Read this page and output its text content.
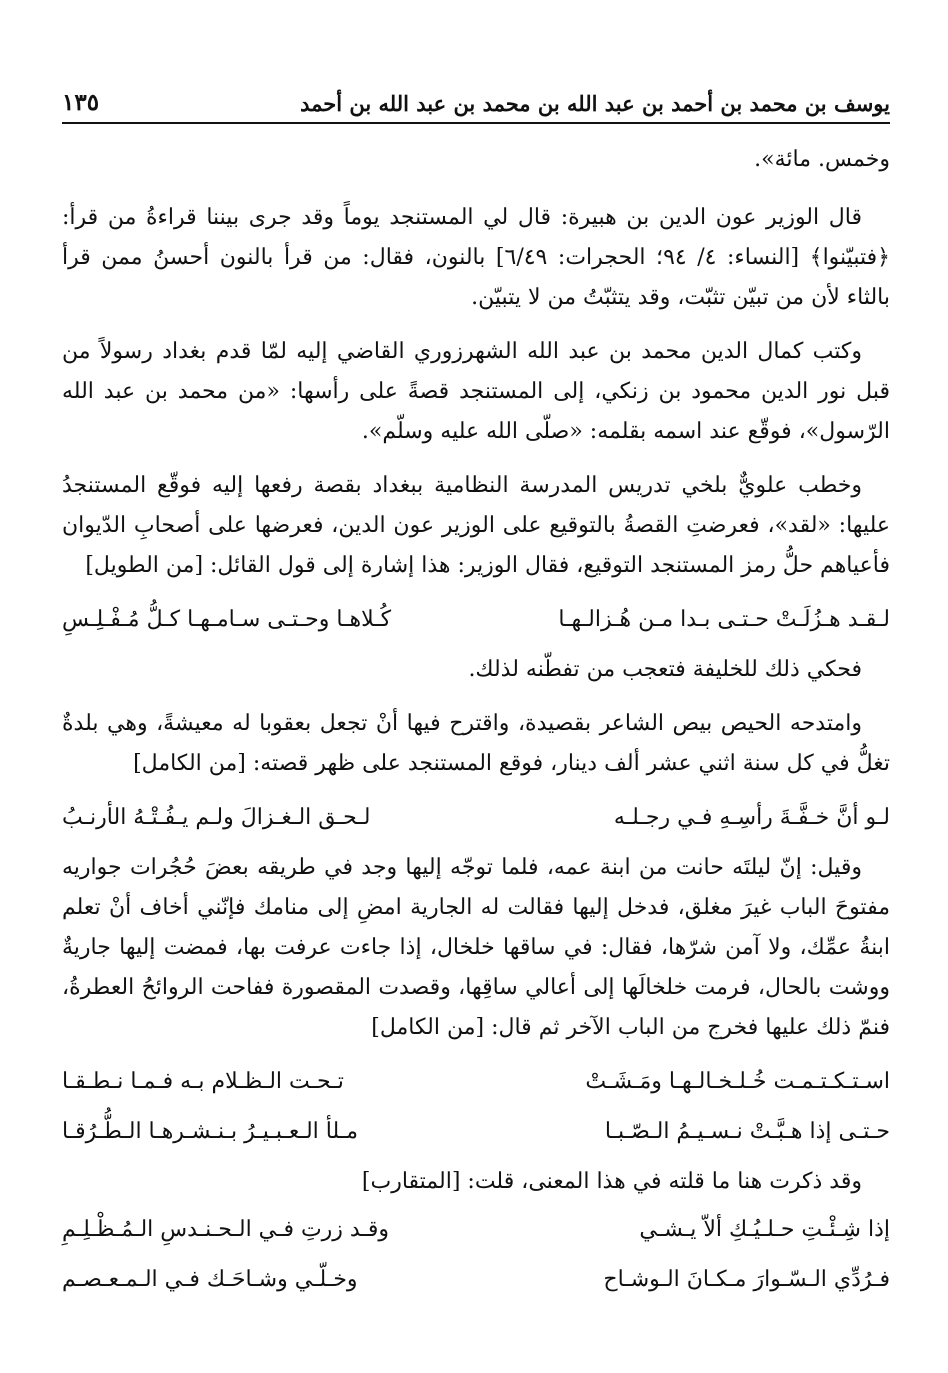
يوسف بن محمد بن أحمد بن عبد الله بن محمد بن عبد الله بن أحمد
١٣٥

وخمس. مائة».

قال الوزير عون الدين بن هبيرة: قال لي المستنجد يوماً وقد جرى بيننا قراءةُ من قرأ: ﴿فتبيّنوا﴾ [النساء: ٤/ ٩٤؛ الحجرات: ٦/٤٩] بالنون، فقال: من قرأ بالنون أحسنُ ممن قرأ بالثاء لأن من تبيّن تثبّت، وقد يتثبّتُ من لا يتبيّن.

وكتب كمال الدين محمد بن عبد الله الشهرزوري القاضي إليه لمّا قدم بغداد رسولاً من قبل نور الدين محمود بن زنكي، إلى المستنجد قصةً على رأسها: «من محمد بن عبد الله الرّسول»، فوقّع عند اسمه بقلمه: «صلّى الله عليه وسلّم».

وخطب علويٌّ بلخي تدريس المدرسة النظامية ببغداد بقصة رفعها إليه فوقّع المستنجدُ عليها: «لقد»، فعرضتِ القصةُ بالتوقيع على الوزير عون الدين، فعرضها على أصحابِ الدّيوان فأعياهم حلُّ رمز المستنجد التوقيع، فقال الوزير: هذا إشارة إلى قول القائل: [من الطويل]

لـقـد هـزُلَـتْ حـتـى بـدا مـن هُـزالـهـا
كُـلاهـا وحـتـى سـامـهـا كـلُّ مُـفْـلِـسِ

فحكي ذلك للخليفة فتعجب من تفطّنه لذلك.

وامتدحه الحيص بيص الشاعر بقصيدة، واقترح فيها أنْ تجعل بعقوبا له معيشةً، وهي بلدةٌ تغلُّ في كل سنة اثني عشر ألف دينار، فوقع المستنجد على ظهر قصته: [من الكامل]

لـو أنَّ خـفَّـةَ رأسِـهِ فـي رجـلـه
لـحـق الـغـزالَ ولـم يـفُـتْـهُ الأرنـبُ

وقيل: إنّ ليلتَه حانت من ابنة عمه، فلما توجّه إليها وجد في طريقه بعضَ حُجُرات جواريه مفتوحَ الباب غيرَ مغلق، فدخل إليها فقالت له الجارية امضِ إلى منامك فإنّني أخاف أنْ تعلم ابنةُ عمِّك، ولا آمن شرّها، فقال: في ساقها خلخال، إذا جاءت عرفت بها، فمضت إليها جاريةٌ ووشت بالحال، فرمت خلخالَها إلى أعالي ساقِها، وقصدت المقصورة ففاحت الروائحُ العطرةُ، فنمّ ذلك عليها فخرج من الباب الآخر ثم قال: [من الكامل]

اسـتـكـتـمـت خُـلـخـالـهـا ومَـشَـتْ
تـحـت الـظـلام بـه فـمـا نـطـقـا
حـتـى إذا هـبَّـتْ نـسـيـمُ الـصّـبـا
مـلأ الـعـبـيـرُ بـنـشـرهـا الـطُّـرُقـا

وقد ذكرت هنا ما قلته في هذا المعنى، قلت: [المتقارب]

إذا شِـئْـتِ حـلـيُـكِ ألاّ يـشـي
وقـد زرتِ فـي الـحـنـدسِ الـمُـظْـلِـمِ
فـرُدِّي الـسّـوارَ مـكـانَ الـوشـاح
وخـلّـي وشـاحَـك فـي الـمـعـصـم
